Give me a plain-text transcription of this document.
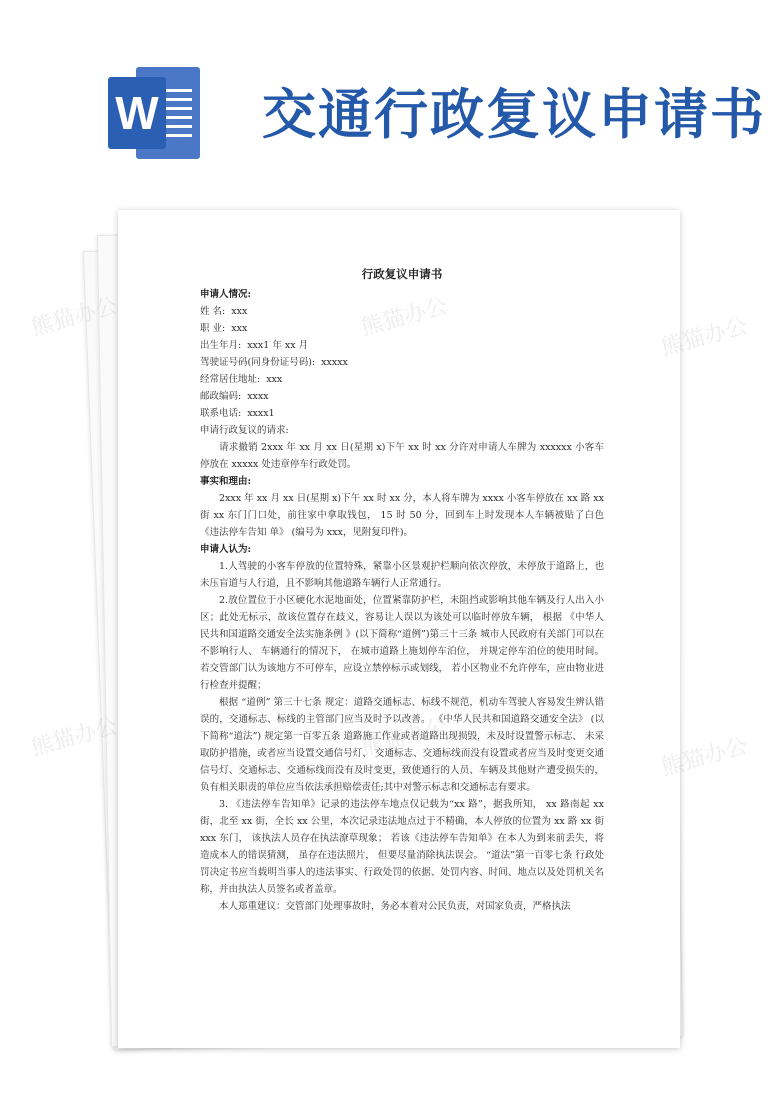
W 交通行政复议申请书

行政复议申请书

申请人情况:

姓 名: xxx

职 业: xxx

出生年月: xxx1 年 xx 月

驾驶证号码(同身份证号码): xxxxx

经常居住地址: xxx

邮政编码: xxxx

联系电话: xxxx1

申请行政复议的请求:

请求撤销 2xxx 年 xx 月 xx 日(星期 x)下午 xx 时 xx 分许对申请人车牌为 xxxxxx 小客车停放在 xxxxx 处违章停车行政处罚。

事实和理由:

2xxx 年 xx 月 xx 日(星期 x)下午 xx 时 xx 分，本人将车牌为 xxxx 小客车停放在 xx 路 xx 街 xx 东门门口处，前往家中拿取钱包， 15 时 50 分，回到车上时发现本人车辆被贴了白色《违法停车告知 单》 (编号为 xxx，见附复印件)。

申请人认为:

1.人驾驶的小客车停放的位置特殊，紧靠小区景观护栏顺向依次停放，未停放于道路上，也未压盲道与人行道，且不影响其他道路车辆行人正常通行。

2.放位置位于小区硬化水泥地面处，位置紧靠防护栏，未阻挡或影响其他车辆及行人出入小区；此处无标示，故该位置存在歧义，容易让人误以为该处可以临时停放车辆， 根据 《中华人民共和国道路交通安全法实施条例 》(以下简称“道例”)第三十三条 城市人民政府有关部门可以在不影响行人、 车辆通行的情况下， 在城市道路上施划停车泊位， 并规定停车泊位的使用时间。 若交管部门认为该地方不可停车，应设立禁停标示或划线， 若小区物业不允许停车，应由物业进行检查并提醒；

根据 “道例” 第三十七条 规定：道路交通标志、标线不规范，机动车驾驶人容易发生辨认错误的，交通标志、标线的主管部门应当及时予以改善。 《中华人民共和国道路交通安全法》 (以下简称“道法”) 规定第一百零五条 道路施工作业或者道路出现损毁，未及时设置警示标志、 未采取防护措施，或者应当设置交通信号灯、 交通标志、交通标线而没有设置或者应当及时变更交通信号灯、交通标志、交通标线而没有及时变更，致使通行的人员、车辆及其他财产遭受损失的，负有相关职责的单位应当依法承担赔偿责任;其中对警示标志和交通标志有要求。

3. 《违法停车告知单》记录的违法停车地点仅记载为“xx 路”，据我所知， xx 路南起 xx 街，北至 xx 街，全长 xx 公里，本次记录违法地点过于不精确，本人停放的位置为 xx 路 xx 街 xxx 东门， 该执法人员存在执法潦草现象； 若该《违法停车告知单》在本人为到来前丢失，将造成本人的错误猜测， 虽存在违法照片， 但要尽量消除执法误会。 “道法”第一百零七条 行政处罚决定书应当载明当事人的违法事实、行政处罚的依据、处罚内容、时间、地点以及处罚机关名称，并由执法人员签名或者盖章。

本人郑重建议：交管部门处理事故时，务必本着对公民负责，对国家负责，严格执法

熊猫办公	熊猫办公
熊猫办公	熊猫办公
